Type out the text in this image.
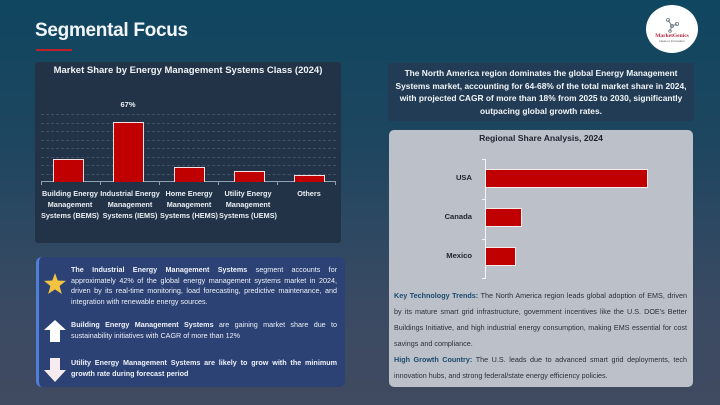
Segmental Focus	MarketGenics
Ideas to Innovation
Market Share by Energy Management Systems Class (2024)
67%
Building Energy Management Systems (BEMS)
Industrial Energy Management Systems (IEMS)
Home Energy Management Systems (HEMS)
Utility Energy Management Systems (UEMS)
Others
The Industrial Energy Management Systems segment accounts for approximately 42% of the global energy management systems market in 2024, driven by its real-time monitoring, load forecasting, predictive maintenance, and integration with renewable energy sources.
Building Energy Management Systems are gaining market share due to sustainability initiatives with CAGR of more than 12%
Utility Energy Management Systems are likely to grow with the minimum growth rate during forecast period
The North America region dominates the global Energy Management Systems market, accounting for 64-68% of the total market share in 2024, with projected CAGR of more than 18% from 2025 to 2030, significantly outpacing global growth rates.
Regional Share Analysis, 2024
USA
Canada
Mexico
Key Technology Trends: The North America region leads global adoption of EMS, driven by its mature smart grid infrastructure, government incentives like the U.S. DOE's Better Buildings Initiative, and high industrial energy consumption, making EMS essential for cost savings and compliance.
High Growth Country: The U.S. leads due to advanced smart grid deployments, tech innovation hubs, and strong federal/state energy efficiency policies.
